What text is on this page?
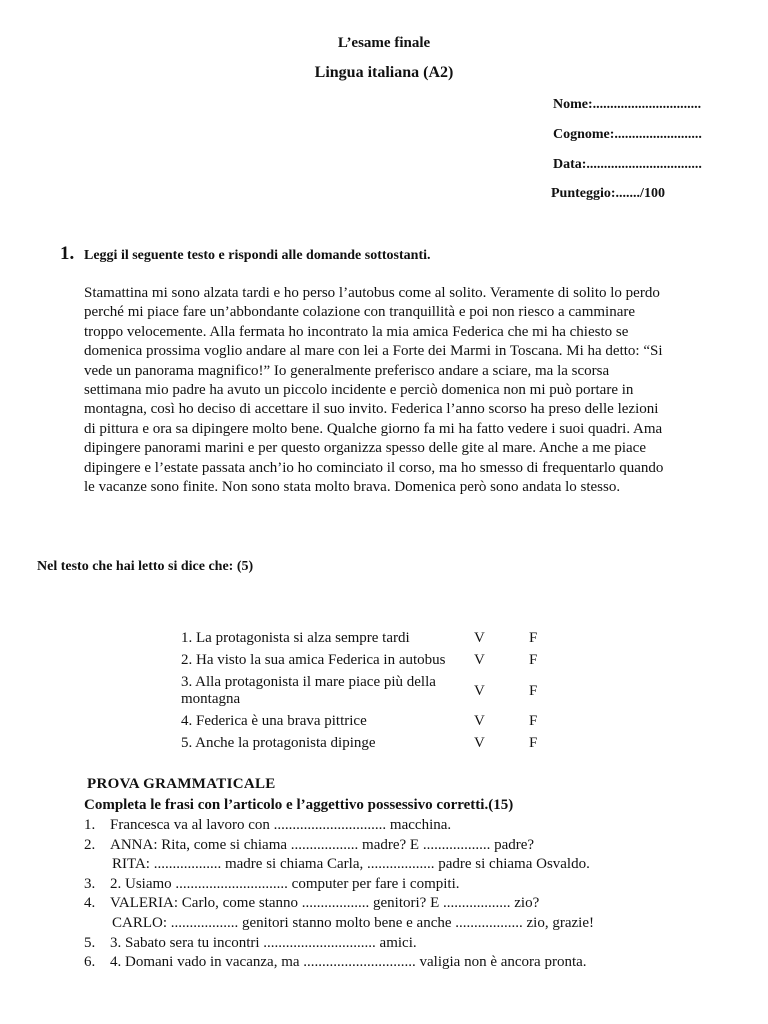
L’esame finale
Lingua italiana (A2)
Nome:...............................
Cognome:.........................
Data:.................................
Punteggio:......./100
1. Leggi il seguente testo e rispondi alle domande sottostanti.
Stamattina mi sono alzata tardi e ho perso l’autobus come al solito. Veramente di solito lo perdo
perché mi piace fare un’abbondante colazione con tranquillità e poi non riesco a camminare
troppo velocemente. Alla fermata ho incontrato la mia amica Federica che mi ha chiesto se
domenica prossima voglio andare al mare con lei a Forte dei Marmi in Toscana. Mi ha detto: “Si
vede un panorama magnifico!” Io generalmente preferisco andare a sciare, ma la scorsa
settimana mio padre ha avuto un piccolo incidente e perciò domenica non mi può portare in
montagna, così ho deciso di accettare il suo invito. Federica l’anno scorso ha preso delle lezioni
di pittura e ora sa dipingere molto bene. Qualche giorno fa mi ha fatto vedere i suoi quadri. Ama
dipingere panorami marini e per questo organizza spesso delle gite al mare. Anche a me piace
dipingere e l’estate passata anch’io ho cominciato il corso, ma ho smesso di frequentarlo quando
le vacanze sono finite. Non sono stata molto brava. Domenica però sono andata lo stesso.
Nel testo che hai letto si dice che: (5)
1. La protagonista si alza sempre tardi	V	F
2. Ha visto la sua amica Federica in autobus	V	F
3. Alla protagonista il mare piace più della montagna	V	F
4. Federica è una brava pittrice	V	F
5. Anche la protagonista dipinge	V	F
PROVA GRAMMATICALE
Completa le frasi con l’articolo e l’aggettivo possessivo corretti.(15)
1. Francesca va al lavoro con .............................. macchina.
2. ANNA: Rita, come si chiama .................. madre? E .................. padre?
RITA: .................. madre si chiama Carla, .................. padre si chiama Osvaldo.
3. 2. Usiamo .............................. computer per fare i compiti.
4. VALERIA: Carlo, come stanno .................. genitori? E .................. zio?
CARLO: .................. genitori stanno molto bene e anche .................. zio, grazie!
5. 3. Sabato sera tu incontri .............................. amici.
6. 4. Domani vado in vacanza, ma .............................. valigia non è ancora pronta.
